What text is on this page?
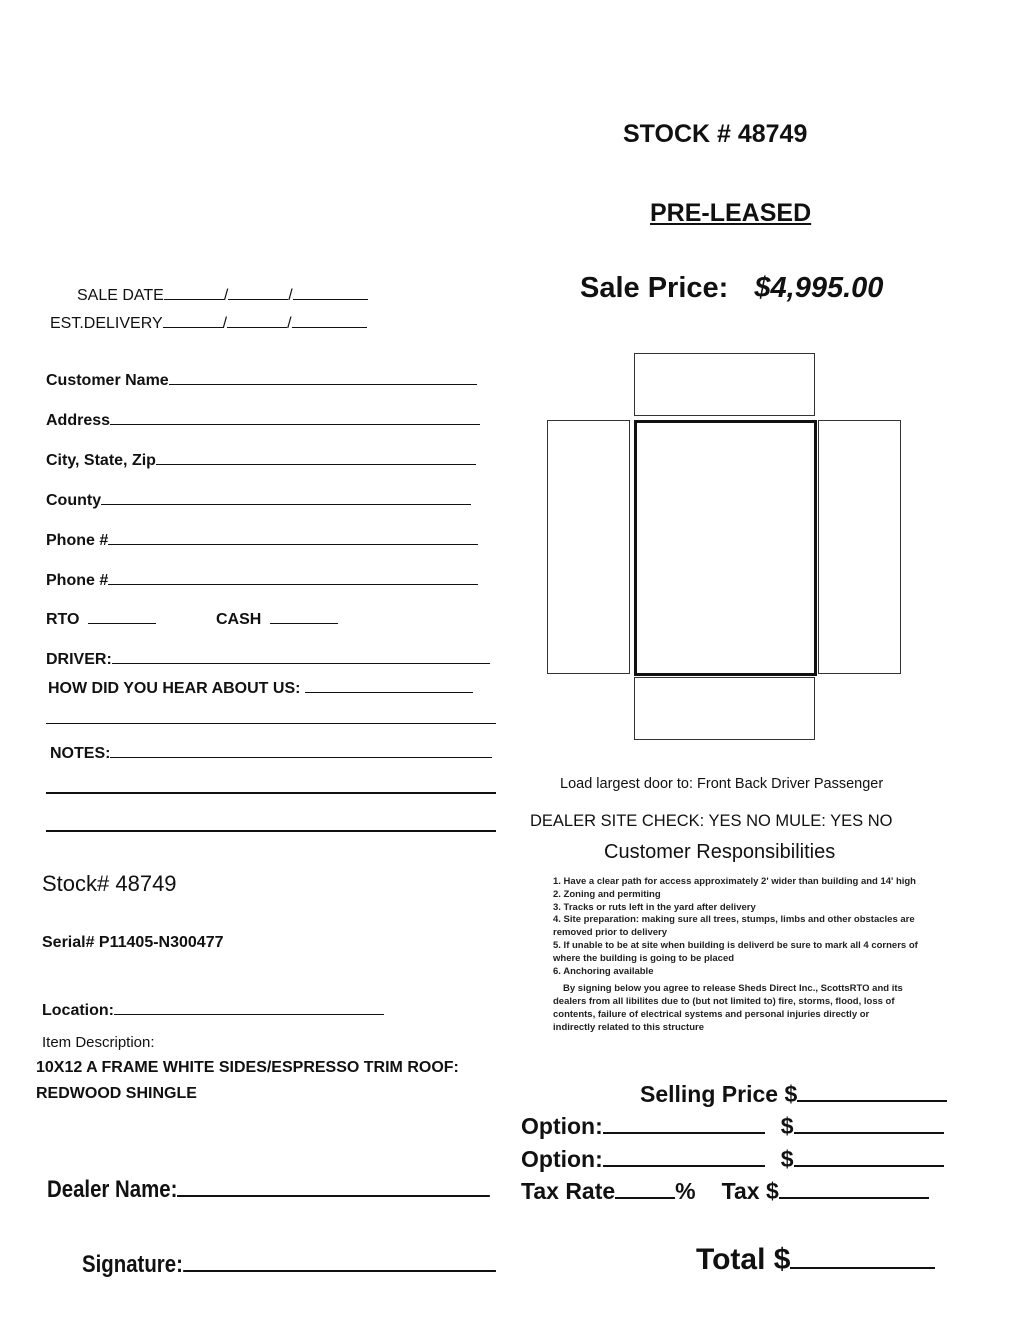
STOCK # 48749
PRE-LEASED
Sale Price: $4,995.00
SALE DATE	/	/
EST.DELIVERY	/	/
Customer Name
Address
City, State, Zip
County
Phone #
Phone #
RTO	CASH
DRIVER:
HOW DID YOU HEAR ABOUT US:
NOTES:
Load largest door to: Front Back Driver Passenger
DEALER SITE CHECK: YES NO MULE: YES NO
Customer Responsibilities
1. Have a clear path for access approximately 2' wider than building and 14' high
2. Zoning and permiting
3. Tracks or ruts left in the yard after delivery
4. Site preparation: making sure all trees, stumps, limbs and other obstacles are removed prior to delivery
5. If unable to be at site when building is deliverd be sure to mark all 4 corners of where the building is going to be placed
6. Anchoring available
By signing below you agree to release Sheds Direct Inc., ScottsRTO and its dealers from all libilites due to (but not limited to) fire, storms, flood, loss of contents, failure of electrical systems and personal injuries directly or indirectly related to this structure
Stock# 48749
Serial# P11405-N300477
Location:
Item Description:
10X12 A FRAME WHITE SIDES/ESPRESSO TRIM ROOF:
REDWOOD SHINGLE
Dealer Name:
Signature:
Selling Price $
Option:	$
Option:	$
Tax Rate	% Tax $
Total $
